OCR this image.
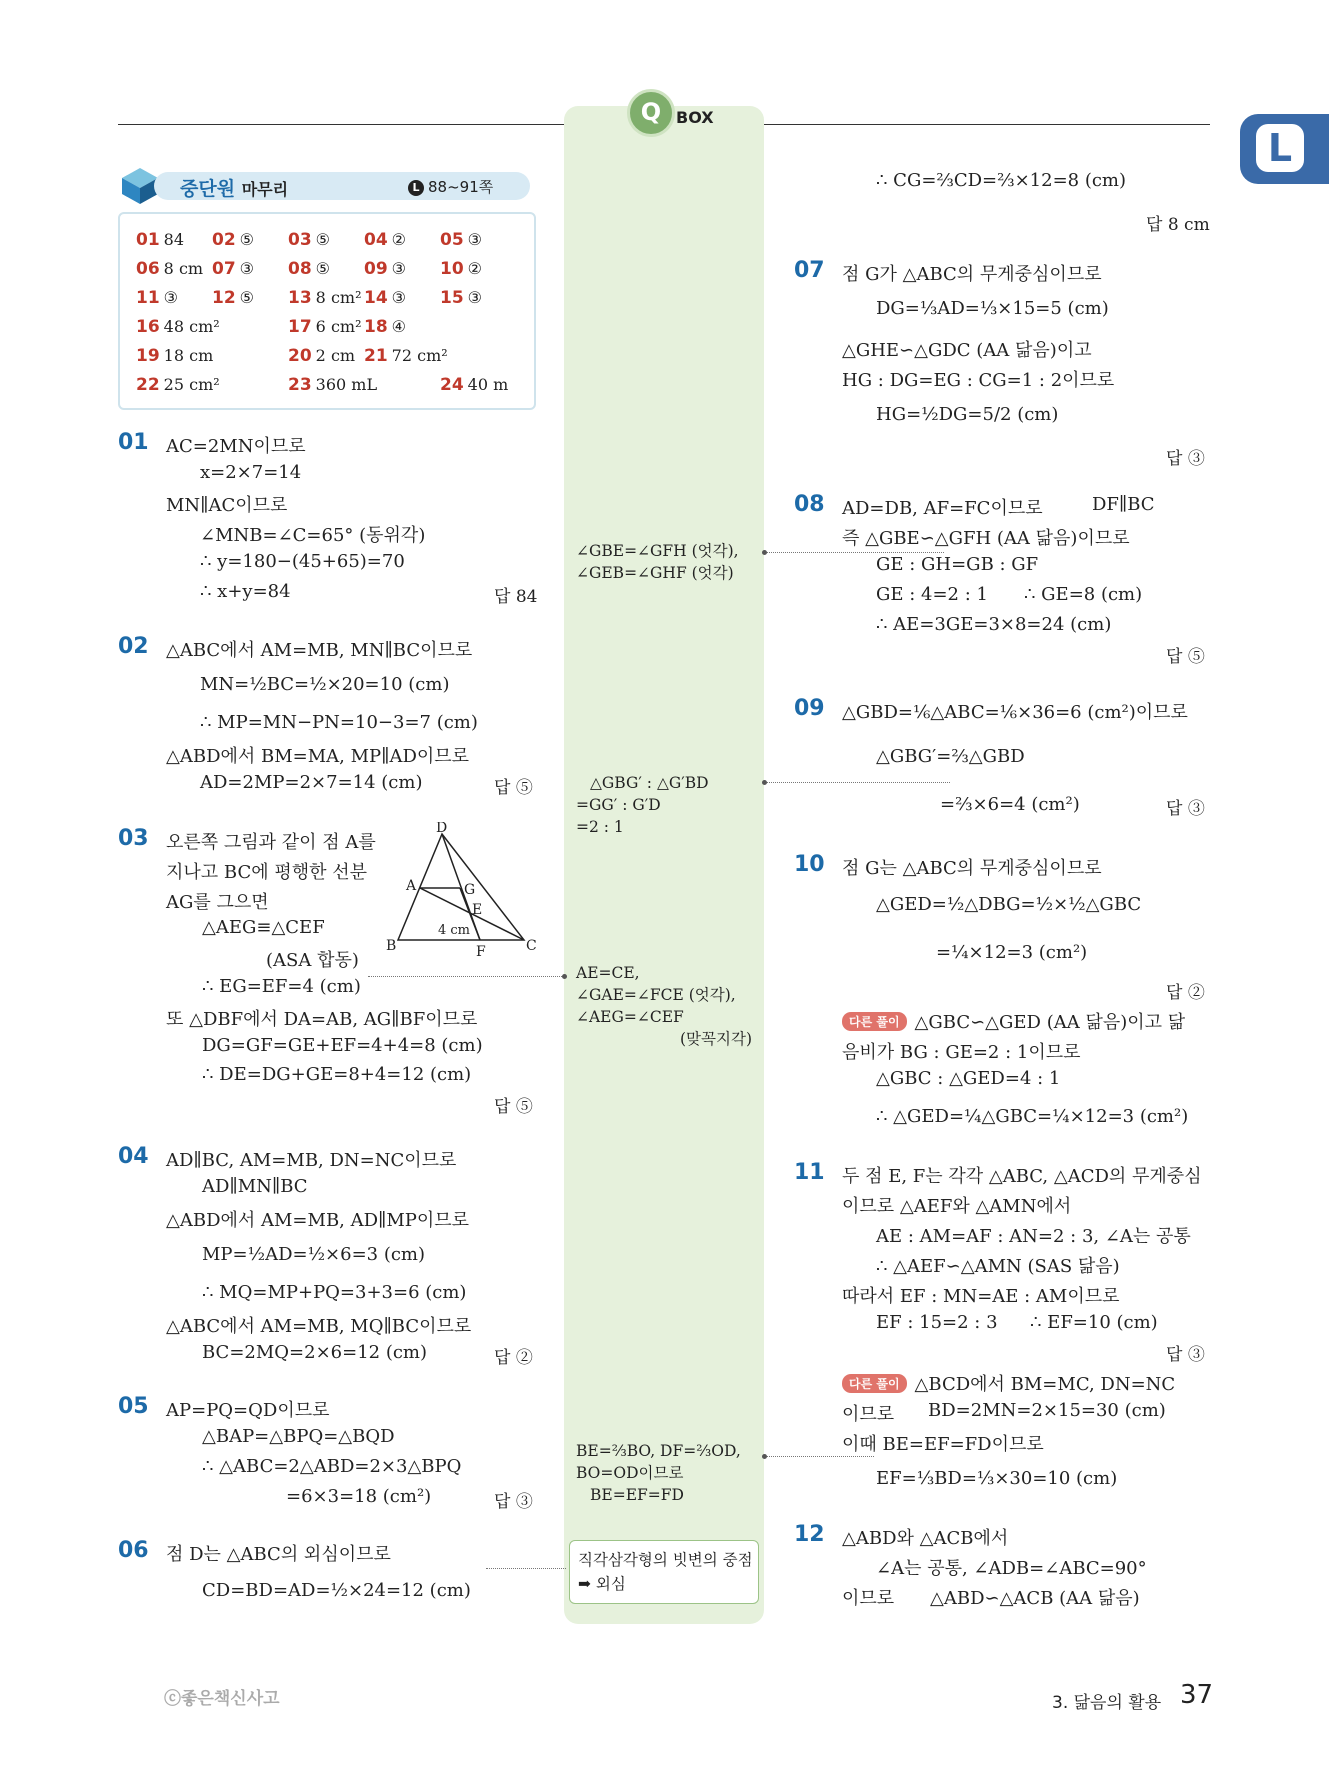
Q BOX
L
중단원 마무리	L 88~91쪽
01 84 02 ⑤ 03 ⑤ 04 ② 05 ③
06 8 cm 07 ③ 08 ⑤ 09 ③ 10 ②
11 ③ 12 ⑤ 13 8 cm² 14 ③ 15 ③
16 48 cm²	17 6 cm² 18 ④
19 18 cm	20 2 cm 21 72 cm²
22 25 cm²	23 360 mL	24 40 m
01 AC=2MN이므로
x=2×7=14
MN∥AC이므로
∠MNB=∠C=65° (동위각)
∴ y=180−(45+65)=70
∴ x+y=84	답 84
02 △ABC에서 AM=MB, MN∥BC이므로
MN=½BC=½×20=10 (cm)
∴ MP=MN−PN=10−3=7 (cm)
△ABD에서 BM=MA, MP∥AD이므로
AD=2MP=2×7=14 (cm)	답 ⑤
03 오른쪽 그림과 같이 점 A를
지나고 BC에 평행한 선분
AG를 그으면
△AEG≡△CEF
(ASA 합동)
∴ EG=EF=4 (cm)
또 △DBF에서 DA=AB, AG∥BF이므로
DG=GF=GE+EF=4+4=8 (cm)
∴ DE=DG+GE=8+4=12 (cm)
답 ⑤
D
A	G
E
B	F	C
4 cm
04 AD∥BC, AM=MB, DN=NC이므로
AD∥MN∥BC
△ABD에서 AM=MB, AD∥MP이므로
MP=½AD=½×6=3 (cm)
∴ MQ=MP+PQ=3+3=6 (cm)
△ABC에서 AM=MB, MQ∥BC이므로
BC=2MQ=2×6=12 (cm)	답 ②
05 AP=PQ=QD이므로
△BAP=△BPQ=△BQD
∴ △ABC=2△ABD=2×3△BPQ
=6×3=18 (cm²)	답 ③
06 점 D는 △ABC의 외심이므로
CD=BD=AD=½×24=12 (cm)
∠GBE=∠GFH (엇각),
∠GEB=∠GHF (엇각)
△GBG′ : △G′BD
=GG′ : G′D
=2 : 1
AE=CE,
∠GAE=∠FCE (엇각),
∠AEG=∠CEF
(맞꼭지각)
BE=⅔BO, DF=⅔OD,
BO=OD이므로
BE=EF=FD
직각삼각형의 빗변의 중점
➡ 외심
∴ CG=⅔CD=⅔×12=8 (cm)
답 8 cm
07 점 G가 △ABC의 무게중심이므로
DG=⅓AD=⅓×15=5 (cm)
△GHE∽△GDC (AA 닮음)이고
HG : DG=EG : CG=1 : 2이므로
HG=½DG=5/2 (cm)
답 ③
08 AD=DB, AF=FC이므로	DF∥BC
즉 △GBE∽△GFH (AA 닮음)이므로
GE : GH=GB : GF
GE : 4=2 : 1 ∴ GE=8 (cm)
∴ AE=3GE=3×8=24 (cm)
답 ⑤
09 △GBD=⅙△ABC=⅙×36=6 (cm²)이므로
△GBG′=⅔△GBD
=⅔×6=4 (cm²)	답 ③
10 점 G는 △ABC의 무게중심이므로
△GED=½△DBG=½×½△GBC
=¼×12=3 (cm²)
답 ②
다른 풀이 △GBC∽△GED (AA 닮음)이고 닮
음비가 BG : GE=2 : 1이므로
△GBC : △GED=4 : 1
∴ △GED=¼△GBC=¼×12=3 (cm²)
11 두 점 E, F는 각각 △ABC, △ACD의 무게중심
이므로 △AEF와 △AMN에서
AE : AM=AF : AN=2 : 3, ∠A는 공통
∴ △AEF∽△AMN (SAS 닮음)
따라서 EF : MN=AE : AM이므로
EF : 15=2 : 3 ∴ EF=10 (cm)
답 ③
다른 풀이 △BCD에서 BM=MC, DN=NC
이므로 BD=2MN=2×15=30 (cm)
이때 BE=EF=FD이므로
EF=⅓BD=⅓×30=10 (cm)
12 △ABD와 △ACB에서
∠A는 공통, ∠ADB=∠ABC=90°
이므로 △ABD∽△ACB (AA 닮음)
ⓒ좋은책신사고	3. 닮음의 활용 37
